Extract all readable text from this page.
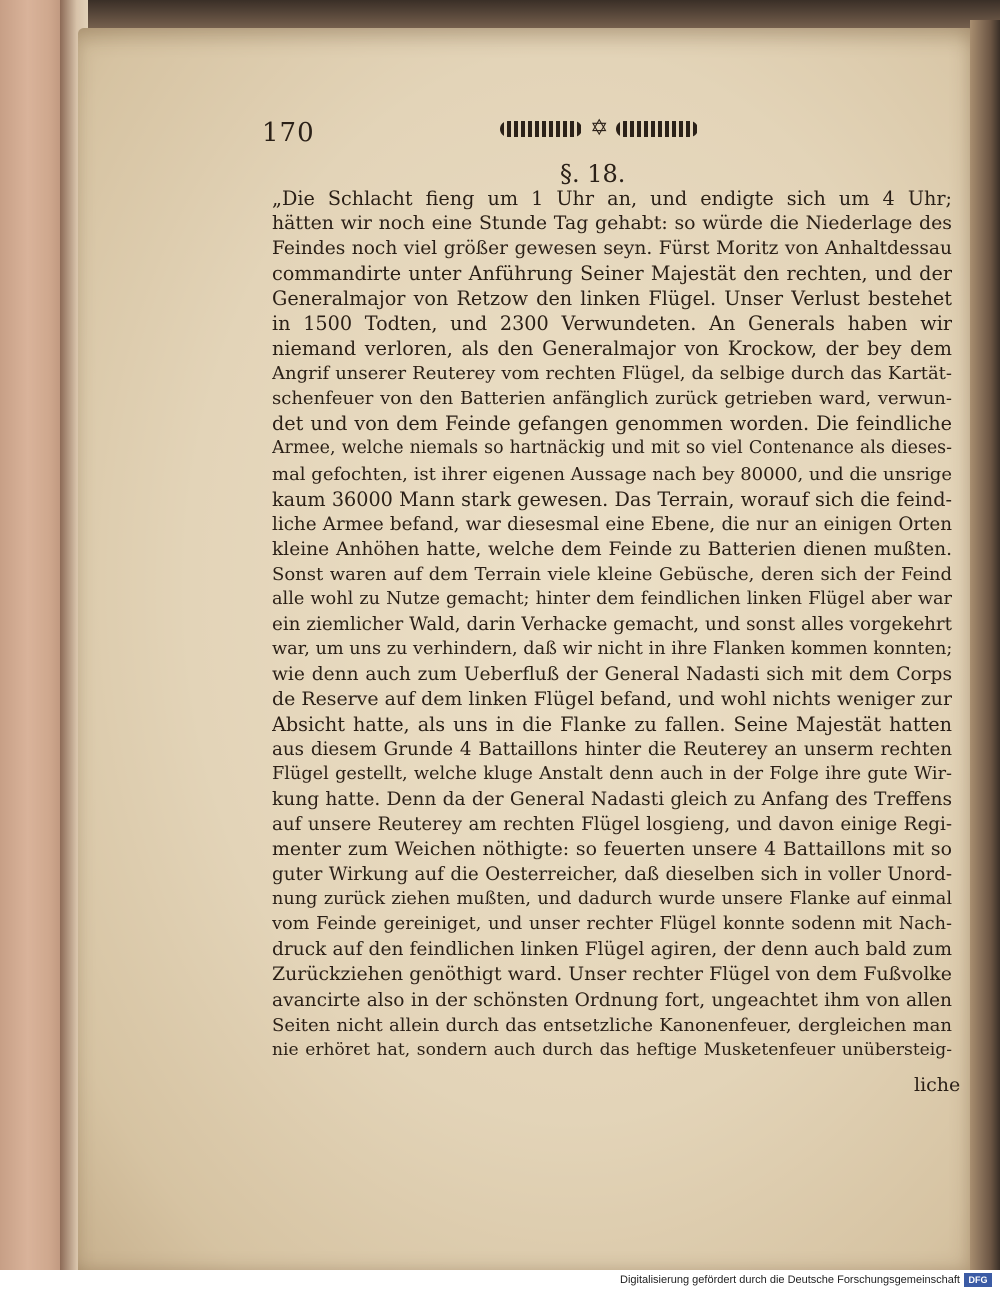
170	✡
§. 18.
„Die Schlacht fieng um 1 Uhr an, und endigte sich um 4 Uhr;
hätten wir noch eine Stunde Tag gehabt: so würde die Niederlage des
Feindes noch viel größer gewesen seyn. Fürst Moritz von Anhaltdessau
commandirte unter Anführung Seiner Majestät den rechten, und der
Generalmajor von Retzow den linken Flügel. Unser Verlust bestehet
in 1500 Todten, und 2300 Verwundeten. An Generals haben wir
niemand verloren, als den Generalmajor von Krockow, der bey dem
Angrif unserer Reuterey vom rechten Flügel, da selbige durch das Kartät-
schenfeuer von den Batterien anfänglich zurück getrieben ward, verwun-
det und von dem Feinde gefangen genommen worden. Die feindliche
Armee, welche niemals so hartnäckig und mit so viel Contenance als dieses-
mal gefochten, ist ihrer eigenen Aussage nach bey 80000, und die unsrige
kaum 36000 Mann stark gewesen. Das Terrain, worauf sich die feind-
liche Armee befand, war diesesmal eine Ebene, die nur an einigen Orten
kleine Anhöhen hatte, welche dem Feinde zu Batterien dienen mußten.
Sonst waren auf dem Terrain viele kleine Gebüsche, deren sich der Feind
alle wohl zu Nutze gemacht; hinter dem feindlichen linken Flügel aber war
ein ziemlicher Wald, darin Verhacke gemacht, und sonst alles vorgekehrt
war, um uns zu verhindern, daß wir nicht in ihre Flanken kommen konnten;
wie denn auch zum Ueberfluß der General Nadasti sich mit dem Corps
de Reserve auf dem linken Flügel befand, und wohl nichts weniger zur
Absicht hatte, als uns in die Flanke zu fallen. Seine Majestät hatten
aus diesem Grunde 4 Battaillons hinter die Reuterey an unserm rechten
Flügel gestellt, welche kluge Anstalt denn auch in der Folge ihre gute Wir-
kung hatte. Denn da der General Nadasti gleich zu Anfang des Treffens
auf unsere Reuterey am rechten Flügel losgieng, und davon einige Regi-
menter zum Weichen nöthigte: so feuerten unsere 4 Battaillons mit so
guter Wirkung auf die Oesterreicher, daß dieselben sich in voller Unord-
nung zurück ziehen mußten, und dadurch wurde unsere Flanke auf einmal
vom Feinde gereiniget, und unser rechter Flügel konnte sodenn mit Nach-
druck auf den feindlichen linken Flügel agiren, der denn auch bald zum
Zurückziehen genöthigt ward. Unser rechter Flügel von dem Fußvolke
avancirte also in der schönsten Ordnung fort, ungeachtet ihm von allen
Seiten nicht allein durch das entsetzliche Kanonenfeuer, dergleichen man
nie erhöret hat, sondern auch durch das heftige Musketenfeuer unübersteig-
liche
Digitalisierung gefördert durch die Deutsche Forschungsgemeinschaft DFG
